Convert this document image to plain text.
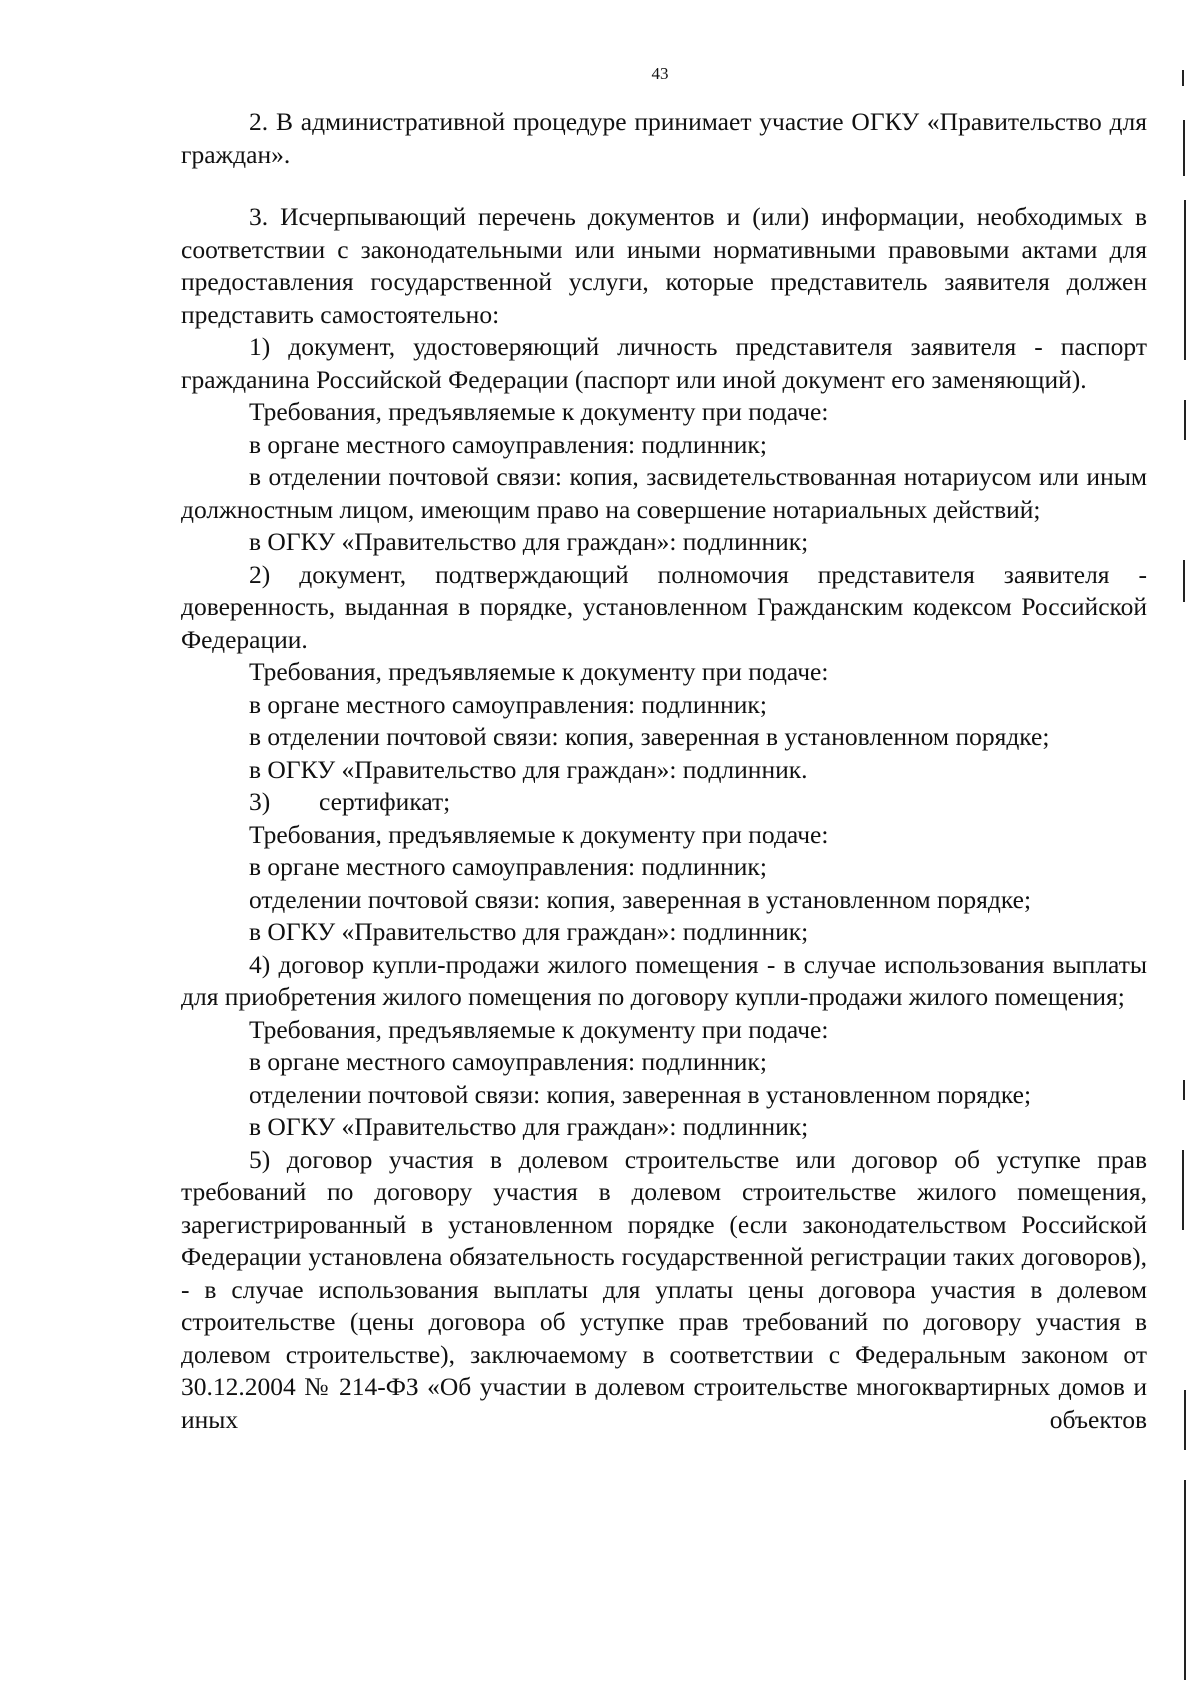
43

2. В административной процедуре принимает участие ОГКУ «Правительство для граждан».

3. Исчерпывающий перечень документов и (или) информации, необходимых в соответствии с законодательными или иными нормативными правовыми актами для предоставления государственной услуги, которые представитель заявителя должен представить самостоятельно:

1) документ, удостоверяющий личность представителя заявителя - паспорт гражданина Российской Федерации (паспорт или иной документ его заменяющий).

Требования, предъявляемые к документу при подаче:

в органе местного самоуправления: подлинник;

в отделении почтовой связи: копия, засвидетельствованная нотариусом или иным должностным лицом, имеющим право на совершение нотариальных действий;

в ОГКУ «Правительство для граждан»: подлинник;

2) документ, подтверждающий полномочия представителя заявителя - доверенность, выданная в порядке, установленном Гражданским кодексом Российской Федерации.

Требования, предъявляемые к документу при подаче:

в органе местного самоуправления: подлинник;

в отделении почтовой связи: копия, заверенная в установленном порядке;

в ОГКУ «Правительство для граждан»: подлинник.

3) сертификат;

Требования, предъявляемые к документу при подаче:

в органе местного самоуправления: подлинник;

отделении почтовой связи: копия, заверенная в установленном порядке;

в ОГКУ «Правительство для граждан»: подлинник;

4) договор купли-продажи жилого помещения - в случае использования выплаты для приобретения жилого помещения по договору купли-продажи жилого помещения;

Требования, предъявляемые к документу при подаче:

в органе местного самоуправления: подлинник;

отделении почтовой связи: копия, заверенная в установленном порядке;

в ОГКУ «Правительство для граждан»: подлинник;

5) договор участия в долевом строительстве или договор об уступке прав требований по договору участия в долевом строительстве жилого помещения, зарегистрированный в установленном порядке (если законодательством Российской Федерации установлена обязательность государственной регистрации таких договоров), - в случае использования выплаты для уплаты цены договора участия в долевом строительстве (цены договора об уступке прав требований по договору участия в долевом строительстве), заключаемому в соответствии с Федеральным законом от 30.12.2004 № 214-ФЗ «Об участии в долевом строительстве многоквартирных домов и иных объектов
